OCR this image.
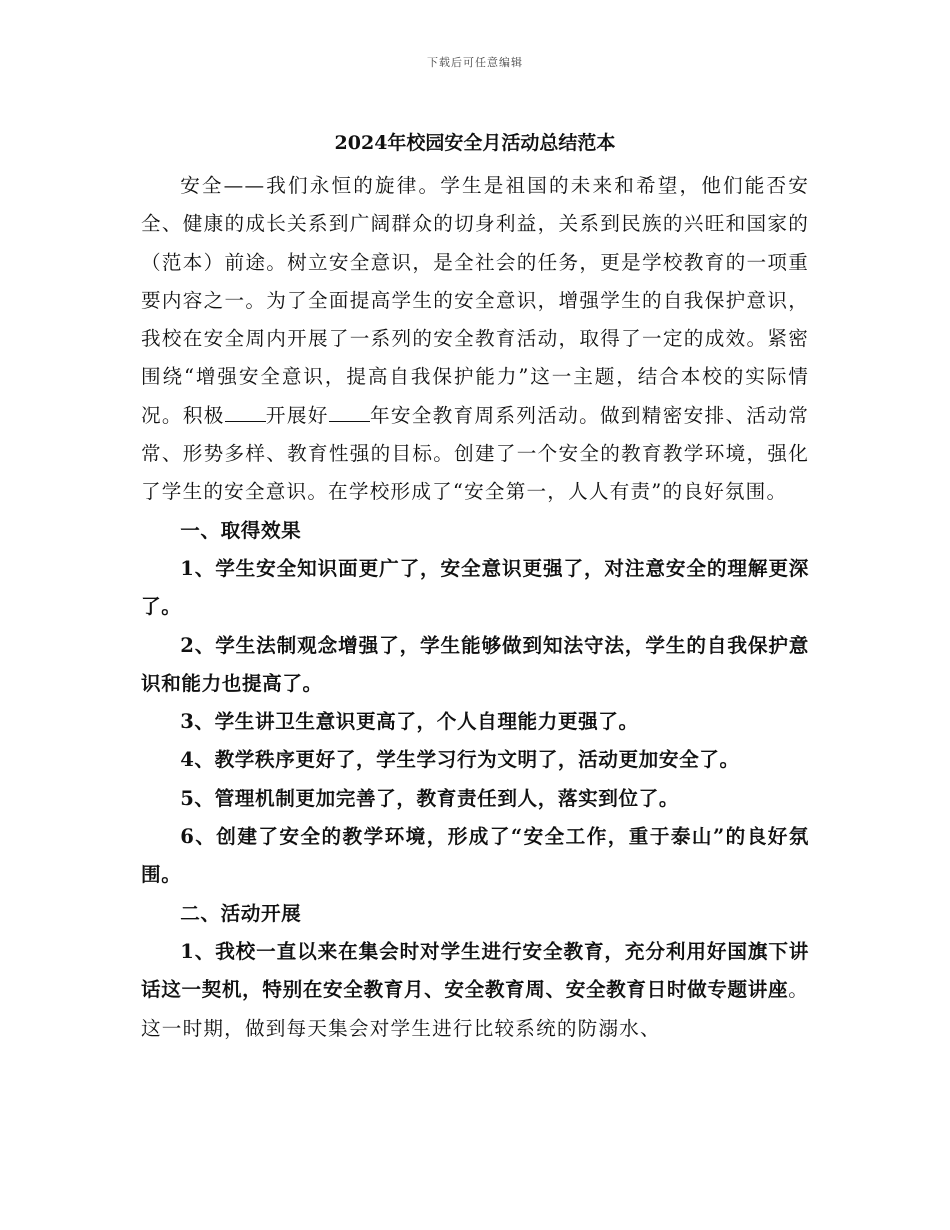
下载后可任意编辑
2024年校园安全月活动总结范本

安全——我们永恒的旋律。学生是祖国的未来和希望，他们能否安全、健康的成长关系到广阔群众的切身利益，关系到民族的兴旺和国家的（范本）前途。树立安全意识，是全社会的任务，更是学校教育的一项重要内容之一。为了全面提高学生的安全意识，增强学生的自我保护意识，我校在安全周内开展了一系列的安全教育活动，取得了一定的成效。紧密围绕“增强安全意识，提高自我保护能力”这一主题，结合本校的实际情况。积极 开展好 年安全教育周系列活动。做到精密安排、活动常常、形势多样、教育性强的目标。创建了一个安全的教育教学环境，强化了学生的安全意识。在学校形成了“安全第一，人人有责”的良好氛围。

一、取得效果

1、学生安全知识面更广了，安全意识更强了，对注意安全的理解更深了。

2、学生法制观念增强了，学生能够做到知法守法，学生的自我保护意识和能力也提高了。

3、学生讲卫生意识更高了，个人自理能力更强了。

4、教学秩序更好了，学生学习行为文明了，活动更加安全了。

5、管理机制更加完善了，教育责任到人，落实到位了。

6、创建了安全的教学环境，形成了“安全工作，重于泰山”的良好氛围。

二、活动开展

1、我校一直以来在集会时对学生进行安全教育，充分利用好国旗下讲话这一契机，特别在安全教育月、安全教育周、安全教育日时做专题讲座。这一时期，做到每天集会对学生进行比较系统的防溺水、
